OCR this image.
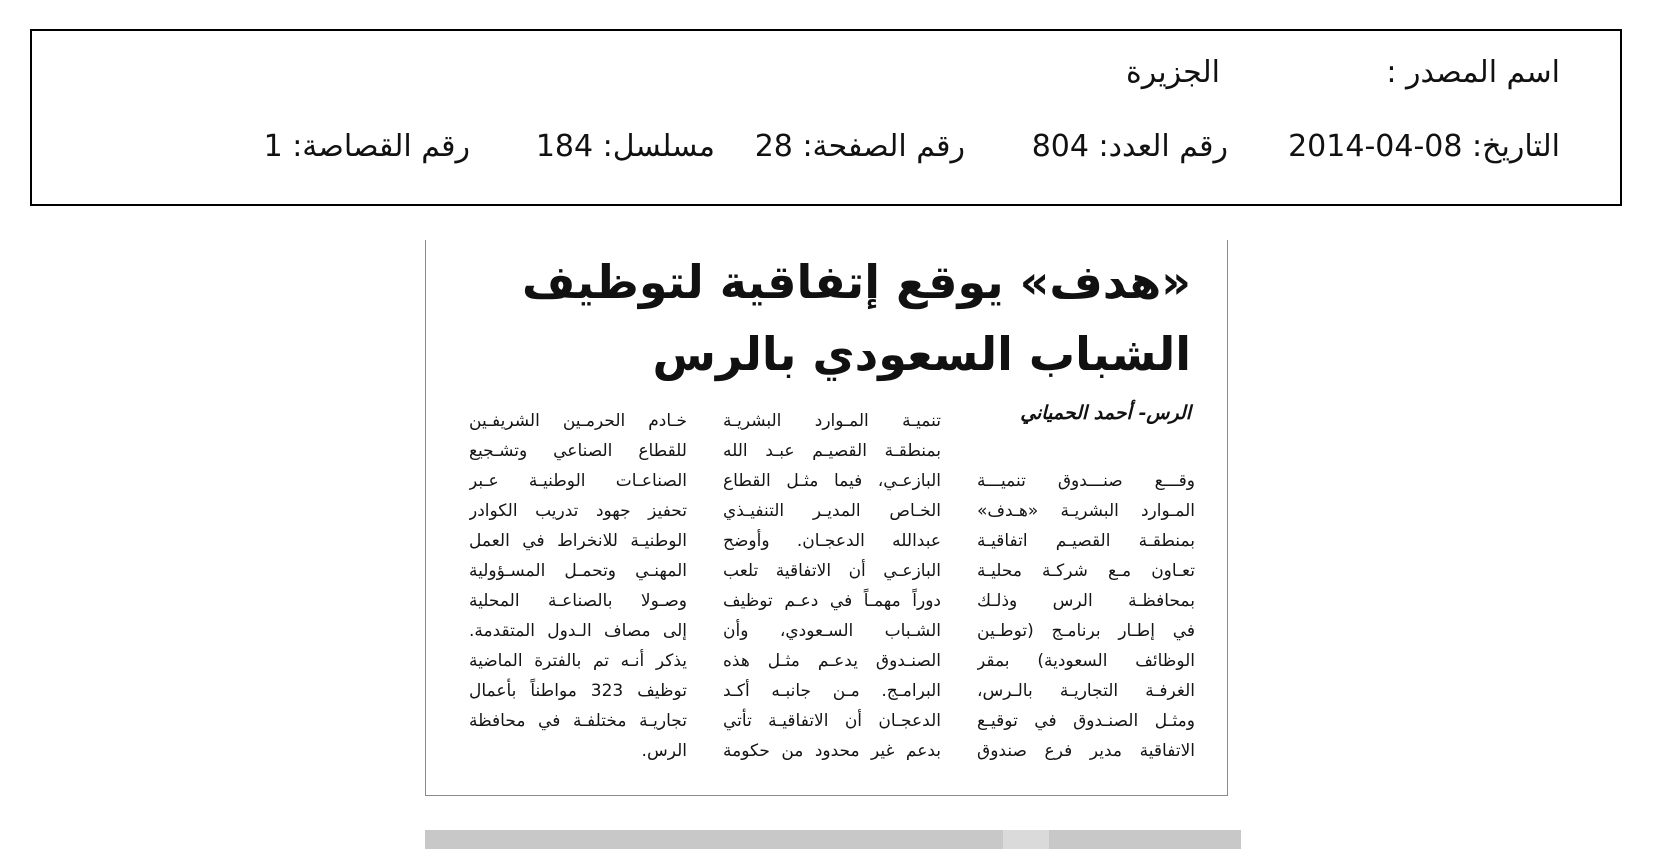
اسم المصدر :
الجزيرة
التاريخ: 08-04-2014
رقم العدد: 804
رقم الصفحة: 28
مسلسل: 184
رقم القصاصة: 1
«هدف» يوقع إتفاقية لتوظيف
الشباب السعودي بالرس
الرس- أحمد الحمياني
وقـــع صنـــدوق تنميـــة
المـوارد البشريـة «هـدف»
بمنطقـة القصيـم اتفاقيـة
تعـاون مـع شركـة محليـة
بمحافظـة الرس وذلـك
في إطـار برنامـج (توطـين
الوظائف السعودية) بمقر
الغرفـة التجاريـة بالـرس،
ومثـل الصنـدوق في توقيـع
الاتفاقية مدير فرع صندوق
تنميـة المـوارد البشريـة
بمنطقـة القصيـم عبـد الله
البازعـي، فيما مثـل القطاع
الخـاص المديـر التنفيـذي
عبدالله الدعجـان. وأوضح
البازعـي أن الاتفاقية تلعب
دوراً مهمـاً في دعـم توظيف
الشـباب السـعودي، وأن
الصنـدوق يدعـم مثـل هذه
البرامـج. مـن جانبـه أكـد
الدعجـان أن الاتفاقيـة تأتي
بدعم غير محدود من حكومة
خـادم الحرمـين الشريفـين
للقطاع الصناعي وتشـجيع
الصناعـات الوطنيـة عـبر
تحفيز جهود تدريب الكوادر
الوطنيـة للانخراط في العمل
المهنـي وتحمـل المسـؤولية
وصـولا بالصناعـة المحلية
إلى مصاف الـدول المتقدمة.
يذكر أنـه تم بالفترة الماضية
توظيف 323 مواطناً بأعمال
تجاريـة مختلفـة في محافظة
الرس.
